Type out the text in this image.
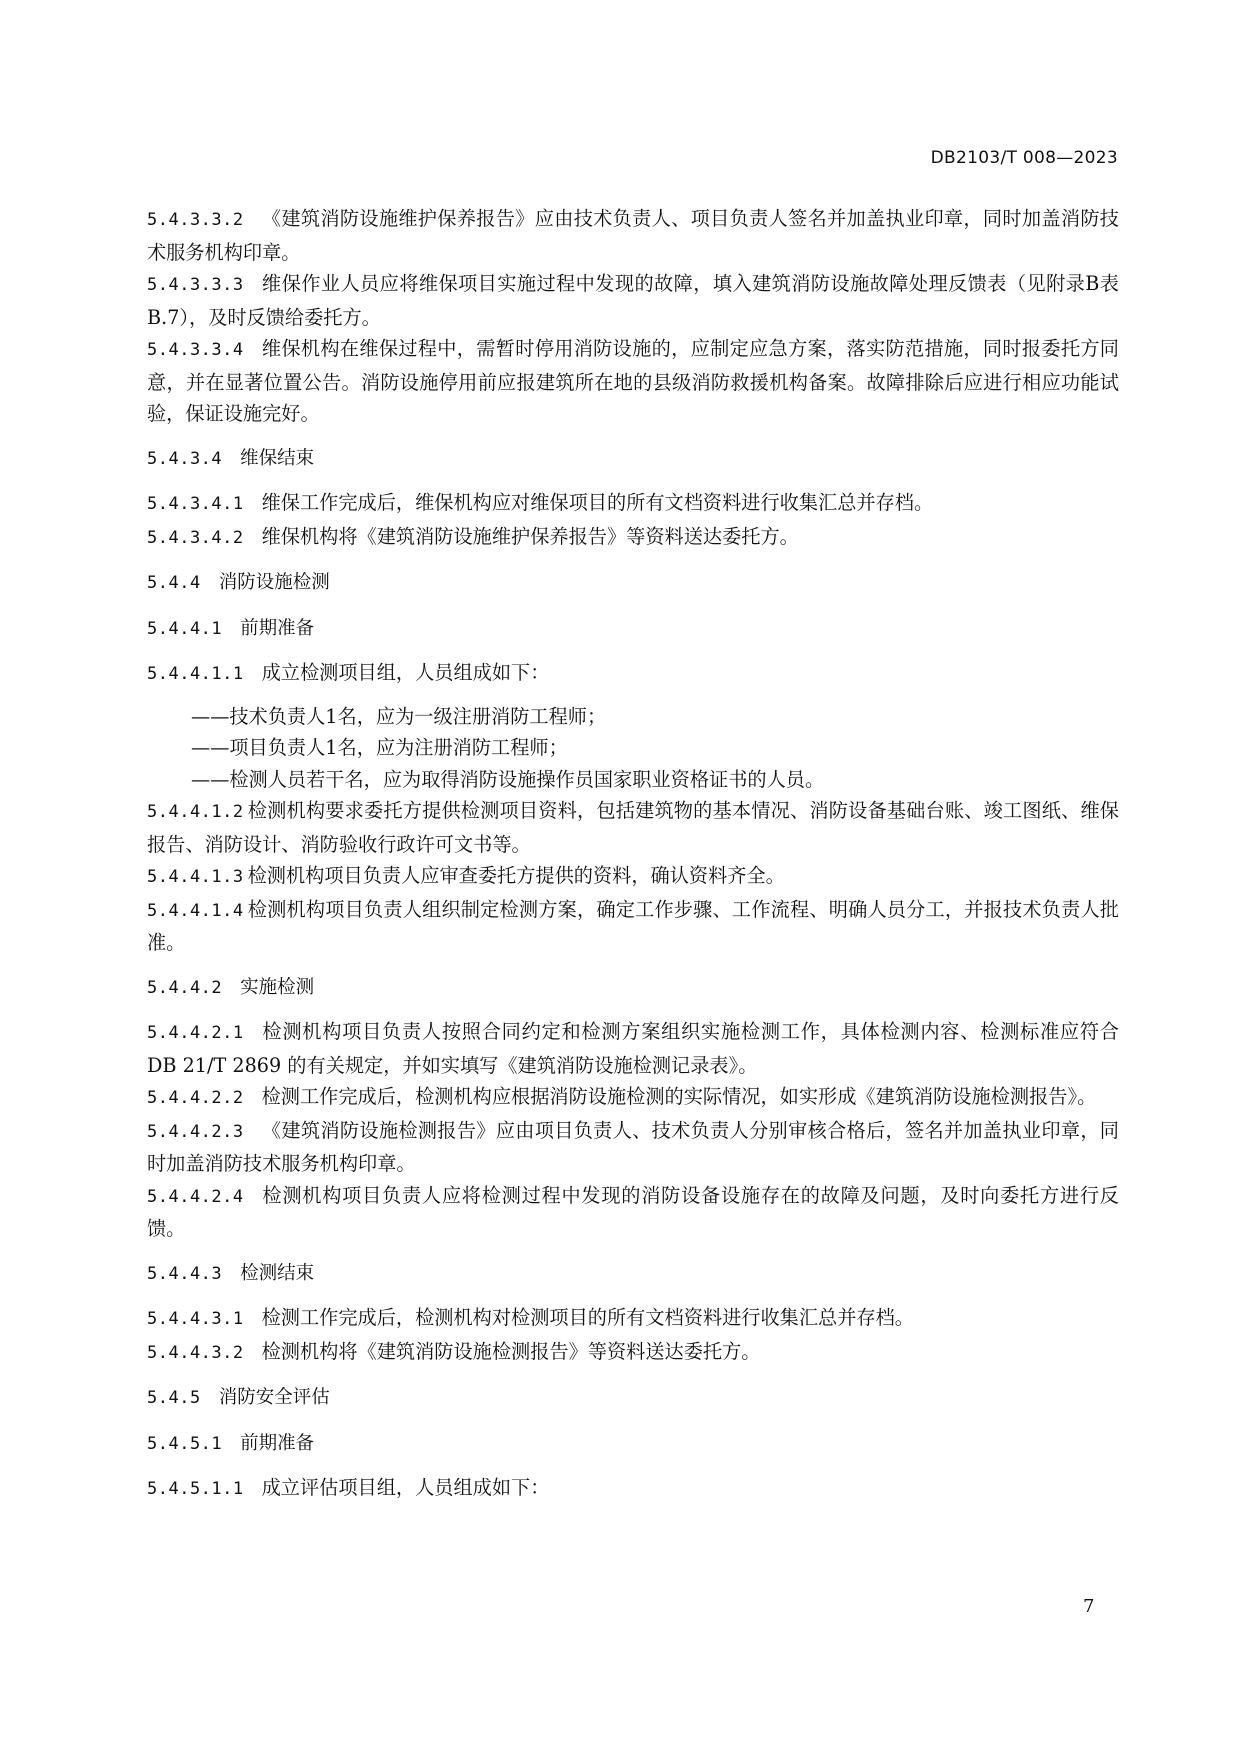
DB2103/T 008—2023

5.4.3.3.2 《建筑消防设施维护保养报告》应由技术负责人、项目负责人签名并加盖执业印章，同时加盖消防技术服务机构印章。

5.4.3.3.3 维保作业人员应将维保项目实施过程中发现的故障，填入建筑消防设施故障处理反馈表（见附录B表B.7），及时反馈给委托方。

5.4.3.3.4 维保机构在维保过程中，需暂时停用消防设施的，应制定应急方案，落实防范措施，同时报委托方同意，并在显著位置公告。消防设施停用前应报建筑所在地的县级消防救援机构备案。故障排除后应进行相应功能试验，保证设施完好。

5.4.3.4 维保结束

5.4.3.4.1 维保工作完成后，维保机构应对维保项目的所有文档资料进行收集汇总并存档。

5.4.3.4.2 维保机构将《建筑消防设施维护保养报告》等资料送达委托方。

5.4.4 消防设施检测
5.4.4.1 前期准备

5.4.4.1.1 成立检测项目组，人员组成如下：

——技术负责人1名，应为一级注册消防工程师；

——项目负责人1名，应为注册消防工程师；

——检测人员若干名，应为取得消防设施操作员国家职业资格证书的人员。

5.4.4.1.2 检测机构要求委托方提供检测项目资料，包括建筑物的基本情况、消防设备基础台账、竣工图纸、维保报告、消防设计、消防验收行政许可文书等。

5.4.4.1.3 检测机构项目负责人应审查委托方提供的资料，确认资料齐全。

5.4.4.1.4 检测机构项目负责人组织制定检测方案，确定工作步骤、工作流程、明确人员分工，并报技术负责人批准。

5.4.4.2 实施检测

5.4.4.2.1 检测机构项目负责人按照合同约定和检测方案组织实施检测工作，具体检测内容、检测标准应符合 DB 21/T 2869 的有关规定，并如实填写《建筑消防设施检测记录表》。

5.4.4.2.2 检测工作完成后，检测机构应根据消防设施检测的实际情况，如实形成《建筑消防设施检测报告》。

5.4.4.2.3 《建筑消防设施检测报告》应由项目负责人、技术负责人分别审核合格后，签名并加盖执业印章，同时加盖消防技术服务机构印章。

5.4.4.2.4 检测机构项目负责人应将检测过程中发现的消防设备设施存在的故障及问题，及时向委托方进行反馈。

5.4.4.3 检测结束

5.4.4.3.1 检测工作完成后，检测机构对检测项目的所有文档资料进行收集汇总并存档。

5.4.4.3.2 检测机构将《建筑消防设施检测报告》等资料送达委托方。

5.4.5 消防安全评估
5.4.5.1 前期准备

5.4.5.1.1 成立评估项目组，人员组成如下：

7
